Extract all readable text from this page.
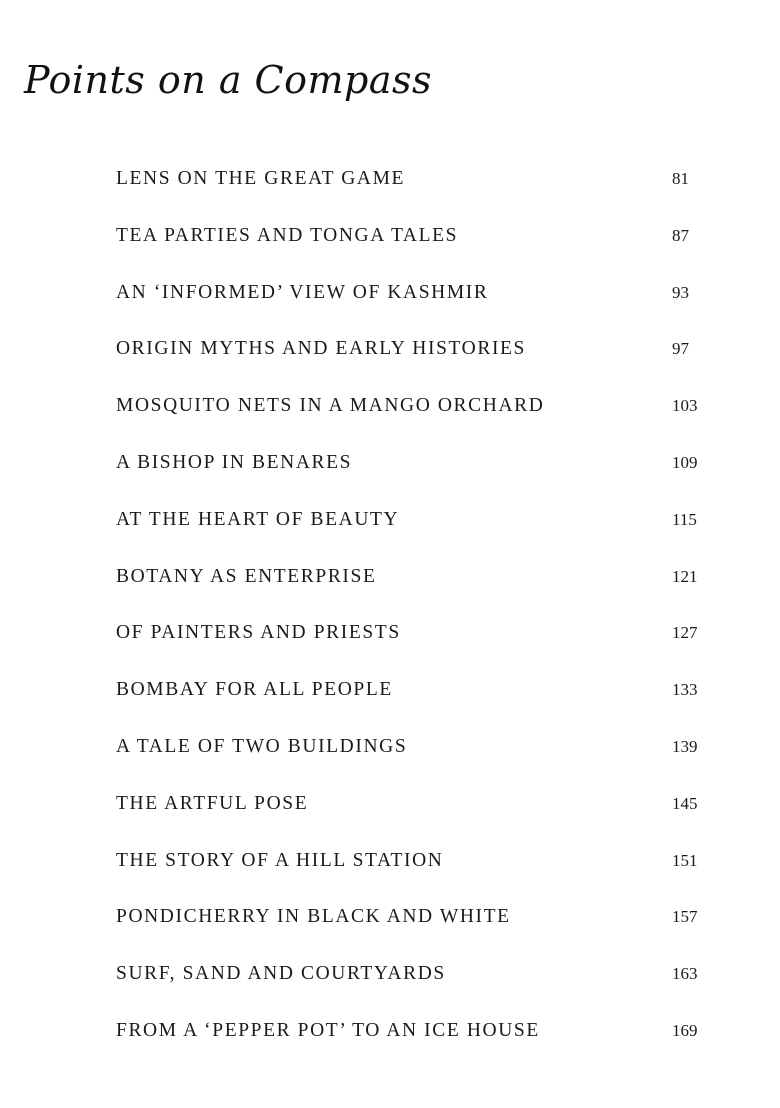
Points on a Compass
LENS ON THE GREAT GAME	81
TEA PARTIES AND TONGA TALES	87
AN ‘INFORMED’ VIEW OF KASHMIR	93
ORIGIN MYTHS AND EARLY HISTORIES	97
MOSQUITO NETS IN A MANGO ORCHARD	103
A BISHOP IN BENARES	109
AT THE HEART OF BEAUTY	115
BOTANY AS ENTERPRISE	121
OF PAINTERS AND PRIESTS	127
BOMBAY FOR ALL PEOPLE	133
A TALE OF TWO BUILDINGS	139
THE ARTFUL POSE	145
THE STORY OF A HILL STATION	151
PONDICHERRY IN BLACK AND WHITE	157
SURF, SAND AND COURTYARDS	163
FROM A ‘PEPPER POT’ TO AN ICE HOUSE	169
